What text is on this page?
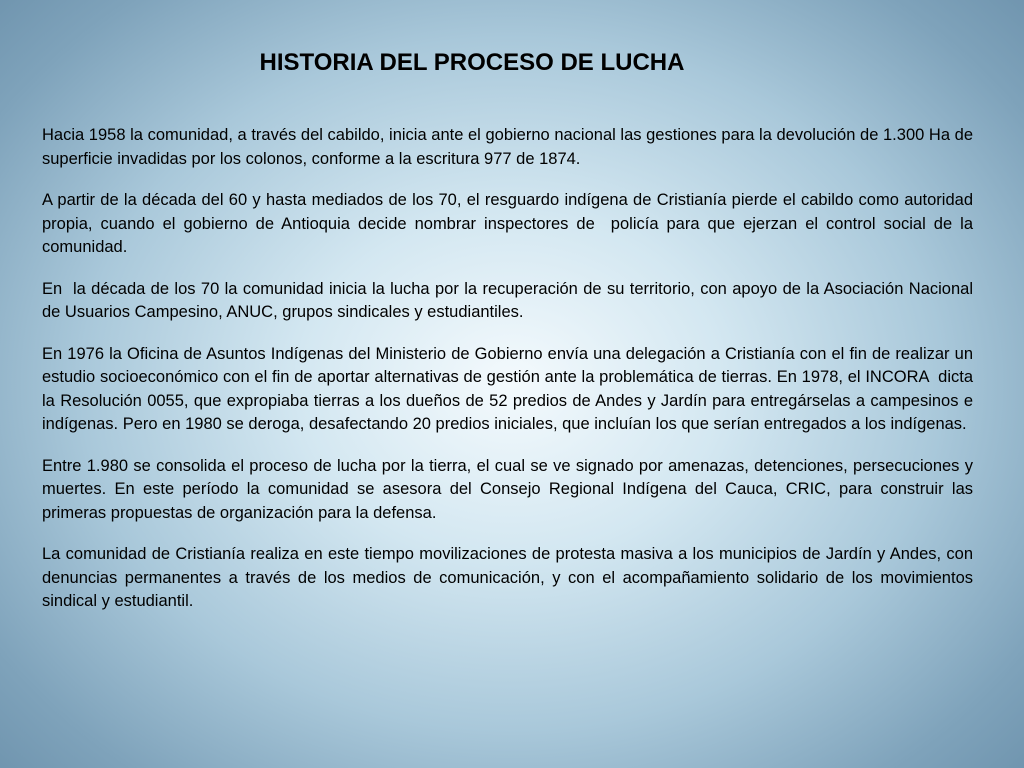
HISTORIA DEL PROCESO DE LUCHA

Hacia 1958 la comunidad, a través del cabildo, inicia ante el gobierno nacional las gestiones para la devolución de 1.300 Ha de superficie invadidas por los colonos, conforme a la escritura 977 de 1874.

A partir de la década del 60 y hasta mediados de los 70, el resguardo indígena de Cristianía pierde el cabildo como autoridad propia, cuando el gobierno de Antioquia decide nombrar inspectores de  policía para que ejerzan el control social de la comunidad.

En  la década de los 70 la comunidad inicia la lucha por la recuperación de su territorio, con apoyo de la Asociación Nacional de Usuarios Campesino, ANUC, grupos sindicales y estudiantiles.

En 1976 la Oficina de Asuntos Indígenas del Ministerio de Gobierno envía una delegación a Cristianía con el fin de realizar un estudio socioeconómico con el fin de aportar alternativas de gestión ante la problemática de tierras. En 1978, el INCORA  dicta la Resolución 0055, que expropiaba tierras a los dueños de 52 predios de Andes y Jardín para entregárselas a campesinos e indígenas. Pero en 1980 se deroga, desafectando 20 predios iniciales, que incluían los que serían entregados a los indígenas.

Entre 1.980 se consolida el proceso de lucha por la tierra, el cual se ve signado por amenazas, detenciones, persecuciones y muertes. En este período la comunidad se asesora del Consejo Regional Indígena del Cauca, CRIC, para construir las primeras propuestas de organización para la defensa.

La comunidad de Cristianía realiza en este tiempo movilizaciones de protesta masiva a los municipios de Jardín y Andes, con denuncias permanentes a través de los medios de comunicación, y con el acompañamiento solidario de los movimientos sindical y estudiantil.
